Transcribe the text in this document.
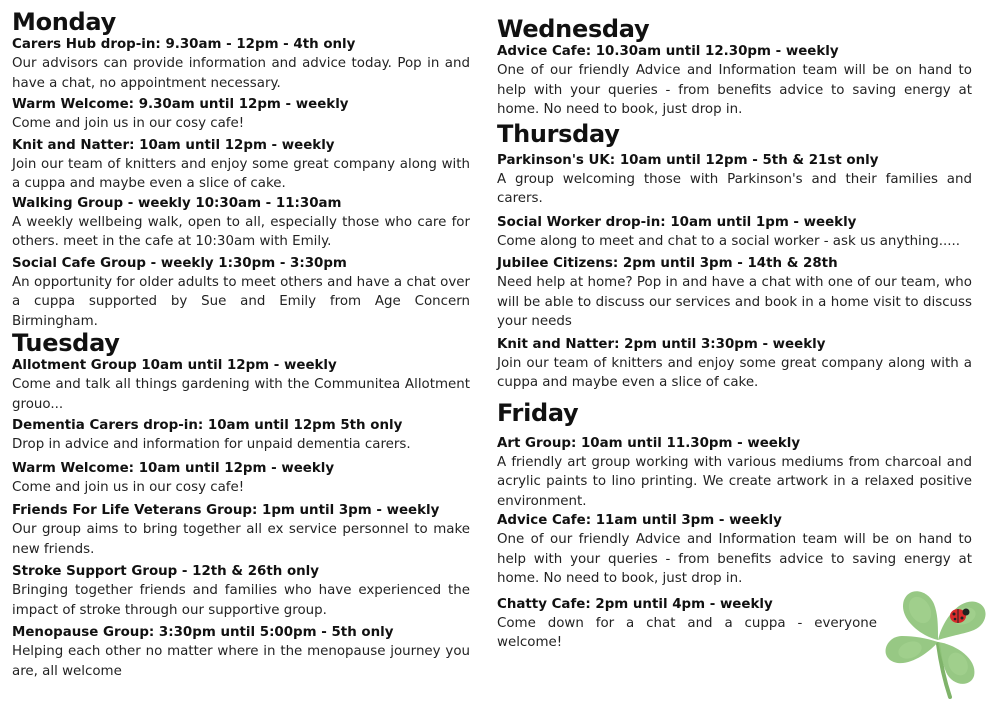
Monday

Carers Hub drop-in: 9.30am - 12pm - 4th only

Our advisors can provide information and advice today. Pop in and have a chat, no appointment necessary.

Warm Welcome: 9.30am until 12pm - weekly

Come and join us in our cosy cafe!

Knit and Natter: 10am until 12pm - weekly

Join our team of knitters and enjoy some great company along with a cuppa and maybe even a slice of cake.

Walking Group - weekly 10:30am - 11:30am

A weekly wellbeing walk, open to all, especially those who care for others. meet in the cafe at 10:30am with Emily.

Social Cafe Group - weekly 1:30pm - 3:30pm

An opportunity for older adults to meet others and have a chat over a cuppa supported by Sue and Emily from Age Concern Birmingham.

Tuesday

Allotment Group 10am until 12pm - weekly

Come and talk all things gardening with the Communitea Allotment grouo...

Dementia Carers drop-in: 10am until 12pm 5th only

Drop in advice and information for unpaid dementia carers.

Warm Welcome: 10am until 12pm - weekly

Come and join us in our cosy cafe!

Friends For Life Veterans Group: 1pm until 3pm - weekly

Our group aims to bring together all ex service personnel to make new friends.

Stroke Support Group - 12th & 26th only

Bringing together friends and families who have experienced the impact of stroke through our supportive group.

Menopause Group: 3:30pm until 5:00pm - 5th only

Helping each other no matter where in the menopause journey you are, all welcome

Wednesday

Advice Cafe: 10.30am until 12.30pm - weekly

One of our friendly Advice and Information team will be on hand to help with your queries - from benefits advice to saving energy at home. No need to book, just drop in.

Thursday

Parkinson's UK: 10am until 12pm - 5th & 21st only

A group welcoming those with Parkinson's and their families and carers.

Social Worker drop-in: 10am until 1pm - weekly

Come along to meet and chat to a social worker - ask us anything.....

Jubilee Citizens: 2pm until 3pm - 14th & 28th

Need help at home? Pop in and have a chat with one of our team, who will be able to discuss our services and book in a home visit to discuss your needs

Knit and Natter: 2pm until 3:30pm - weekly

Join our team of knitters and enjoy some great company along with a cuppa and maybe even a slice of cake.

Friday

Art Group: 10am until 11.30pm - weekly

A friendly art group working with various mediums from charcoal and acrylic paints to lino printing. We create artwork in a relaxed positive environment.

Advice Cafe: 11am until 3pm - weekly

One of our friendly Advice and Information team will be on hand to help with your queries - from benefits advice to saving energy at home. No need to book, just drop in.

Chatty Cafe: 2pm until 4pm - weekly

Come down for a chat and a cuppa - everyone welcome!
